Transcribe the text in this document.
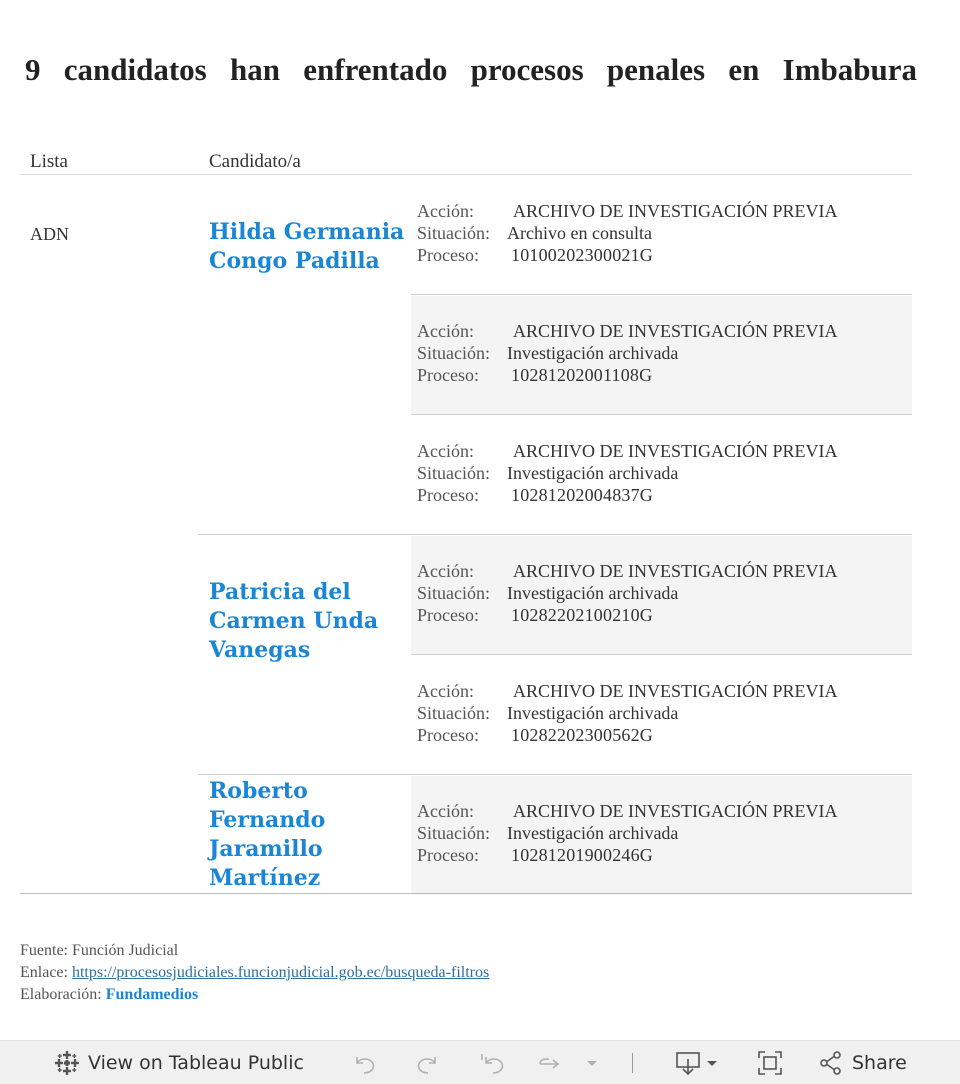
9 candidatos han enfrentado procesos penales en Imbabura
Lista	Candidato/a
ADN	Hilda Germania
Congo Padilla
Acción: ARCHIVO DE INVESTIGACIÓN PREVIA
Situación: Archivo en consulta
Proceso: 10100202300021G
Acción: ARCHIVO DE INVESTIGACIÓN PREVIA
Situación: Investigación archivada
Proceso: 10281202001108G
Acción: ARCHIVO DE INVESTIGACIÓN PREVIA
Situación: Investigación archivada
Proceso: 10281202004837G
Patricia del
Carmen Unda
Vanegas
Acción: ARCHIVO DE INVESTIGACIÓN PREVIA
Situación: Investigación archivada
Proceso: 10282202100210G
Acción: ARCHIVO DE INVESTIGACIÓN PREVIA
Situación: Investigación archivada
Proceso: 10282202300562G
Roberto
Fernando
Jaramillo
Martínez
Acción: ARCHIVO DE INVESTIGACIÓN PREVIA
Situación: Investigación archivada
Proceso: 10281201900246G
Fuente: Función Judicial
Enlace: https://procesosjudiciales.funcionjudicial.gob.ec/busqueda-filtros
Elaboración: Fundamedios
View on Tableau Public	Share
